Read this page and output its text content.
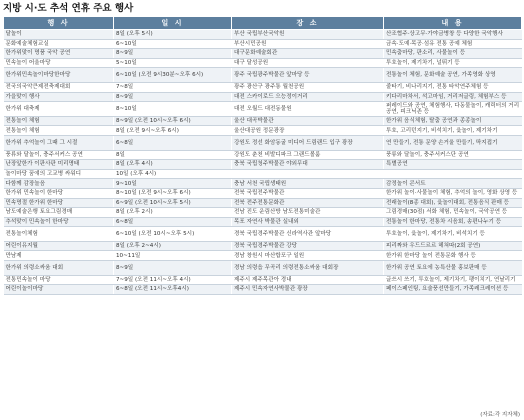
지방 시·도 추석 연휴 주요 행사
행 사	일 시	장 소	내 용
달놀이	8일 (오후 5시)	부산 국립부산국악원	산조협주·상고무·가야금병창 등 다양한 국악행사
문화예술체험교실	6~10일	부산시민공원	금속·도예·목공·섬유 전통 공예 체험
한가위맞이 명품 국악 공연	8~9일	대구문화예술회관	민속춤마당, 판소리, 사물놀이 등
민속놀이 어울마당	5~10일	대구 달성공원	투호놀이, 제기차기, 널뛰기 등
한가위민속놀이마당한마당	6~10일 (오전 9시30분~오후 6시)	광주 국립광주박물관 앞마당 등	전통놀이 체험, 문화예술 공연, 가족영화 상영
전국의국악큰제전축제대회	7~8일	광주 광산구 광주통 월천공원	줄타기, 비나리지기, 전통 타악연주체험 등
가을맞이 행사	8~9일	대전 스카이로드 으능정이거리	키다리마차서, 석고마임, 거리저글링, 체험부스 등
한가위 대축제	8~10일	대전 오월드 대전동물원	퍼레이드와 공연, 체험행사, 다동물놀이, 캐릭터의 거리공연, 피크닉존 등
전통놀이 체험	8~9일 (오전 10시~오후 6시)	울산 대곡박물관	한가위 음식체험, 탈춤 공연과 종종놀이
전통놀이 체험	8일 (오전 9시~오후 6시)	울산대공원 정문광장	투호, 고리던지기, 비석치기, 윷놀이, 제기차기
한가위 추억놀이 그때 그 시절	6~8일	강원도 정선 화암동굴 미디어 드림랜드 입구 광장	연 만들기, 전통 문양 손거울 만들기, 딱지접기
풍류와 달놀이, 충주서커스 공연	8일	강원도 춘천 비발디파크 그랜드볼룸	풍류와 달놀이, 충주서커스단 공연
난장앞한가 이판사판 미리명태	8일 (오후 4시)	충북 국립청주박물관 야외무대	특별공연
놀이마당 꿈얘의 고교병 싸워디	10일 (오후 4시)		
다함께 감장놀음	9~10일	충남 서천 국립생태원	감정놀이 콘서트
한가위 민속놀이 한마당	8~10일 (오전 9시~오후 6시)	전북 국립전주박물관	한가위 놀이·사물놀이 체험, 추억의 놀이, 영화 상영 등
민속명절 한가위 한마당	6~9일 (오전 10시~오후 5시)	전북 전주전통문화관	전래놀이(8종 대회), 윷놀이대회, 전통음식 판매 등
남도예술은행 토요그림경매	8일 (오후 2시)	전남 진도 운림산방 남도전통미술관	그림경매(30점) 서화 체험, 민속놀이, 국악공연 등
추석맞이 민속놀이 한마당	6~8일	목포 자연사 박물관 실내외	전통놀이 한마당, 전통차 시음회, 송편나누기 등
전통놀이체험	6~10일 (오전 10시~오후 5시)	경북 국립경주박물관 신라역사관 앞마당	투호놀이, 윷놀이, 제기차기, 비석치기 등
어린이유지월	8일 (오후 2~4시)	경북 국립경주박물관 강당	피리짜와 우드드르르 헤쳐따(2회 공연)
만남제	10~11일	경남 창원시 마산합포구 일원	한가위 한마당 놀이 전통문화 행사 등
한가위 의령소싸움 대회	8~9일	경남 의령읍 무곡리 의령전통소싸움 대회장	한가위 공연 토요에 농특산물 홍보판매 등
전통민속놀이 마당	7~9일 (오전 11시~오후 4시)	제주시 제주목관아 경내	글쓰시 쓰기, 투호놀이, 제기차기, 팽이치기, 연날리기
어린이놀이마당	6~8일 (오전 11시~오후4시)	제주시 민속자연사박물관 광장	페이스페인팅, 요술풍선만들기, 가족레크레이션 등
(자료:각 지자체)
